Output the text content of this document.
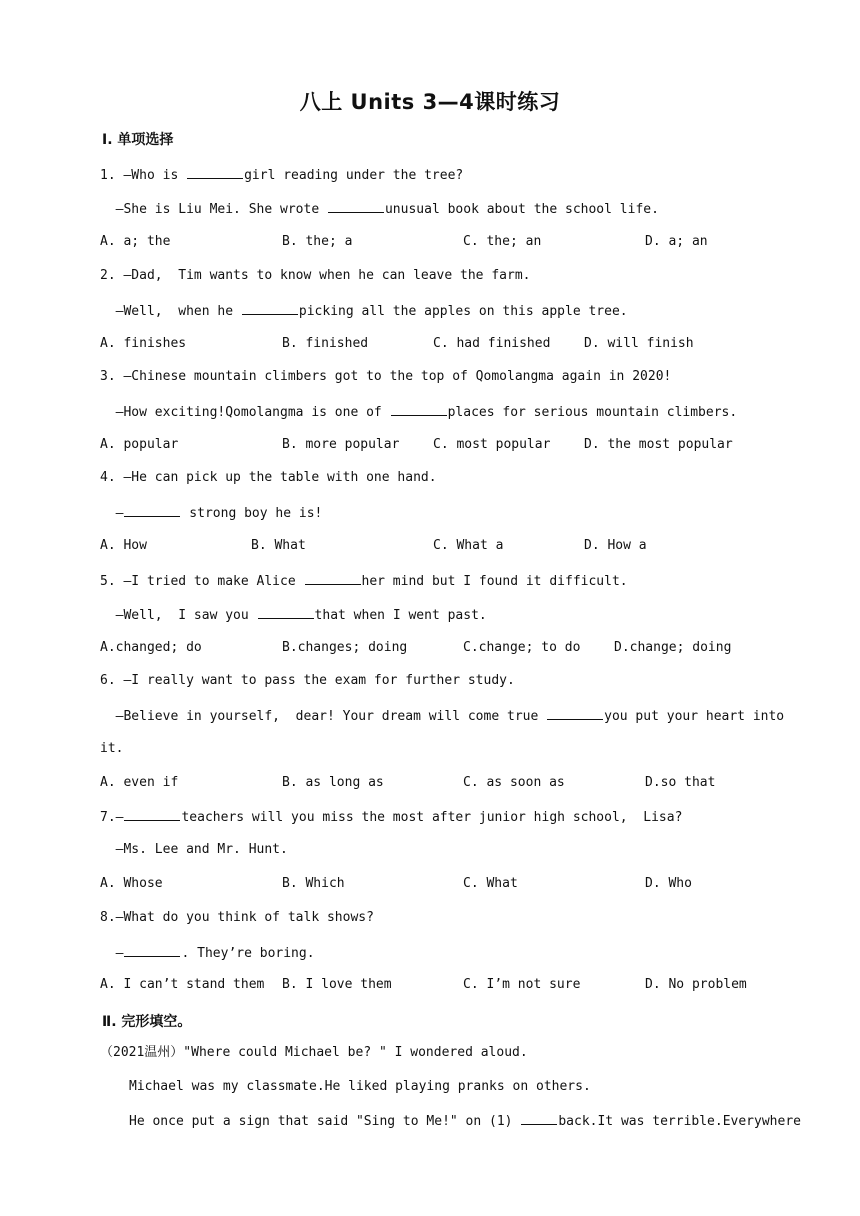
八上 Units 3—4课时练习
Ⅰ. 单项选择
1. —Who is	girl reading under the tree?
—She is Liu Mei. She wrote	unusual book about the school life.
A. a; the	B. the; a	C. the; an	D. a; an
2. —Dad,  Tim wants to know when he can leave the farm.
—Well,  when he	picking all the apples on this apple tree.
A. finishes	B. finished	C. had finished	D. will finish
3. —Chinese mountain climbers got to the top of Qomolangma again in 2020!
—How exciting!Qomolangma is one of	places for serious mountain climbers.
A. popular	B. more popular	C. most popular	D. the most popular
4. —He can pick up the table with one hand.
—	strong boy he is!
A. How	B. What	C. What a	D. How a
5. —I tried to make Alice	her mind but I found it difficult.
—Well,  I saw you	that when I went past.
A.changed; do	B.changes; doing	C.change; to do	D.change; doing
6. —I really want to pass the exam for further study.
—Believe in yourself,  dear! Your dream will come true	you put your heart into
it.
A. even if	B. as long as	C. as soon as	D.so that
7.—	teachers will you miss the most after junior high school,  Lisa?
—Ms. Lee and Mr. Hunt.
A. Whose	B. Which	C. What	D. Who
8.—What do you think of talk shows?
—	. They’re boring.
A. I can’t stand them B. I love them	C. I’m not sure	D. No problem
Ⅱ. 完形填空。
（2021温州）"Where could Michael be? " I wondered aloud.
Michael was my classmate.He liked playing pranks on others.
He once put a sign that said "Sing to Me!" on (1)	back.It was terrible.Everywhere
